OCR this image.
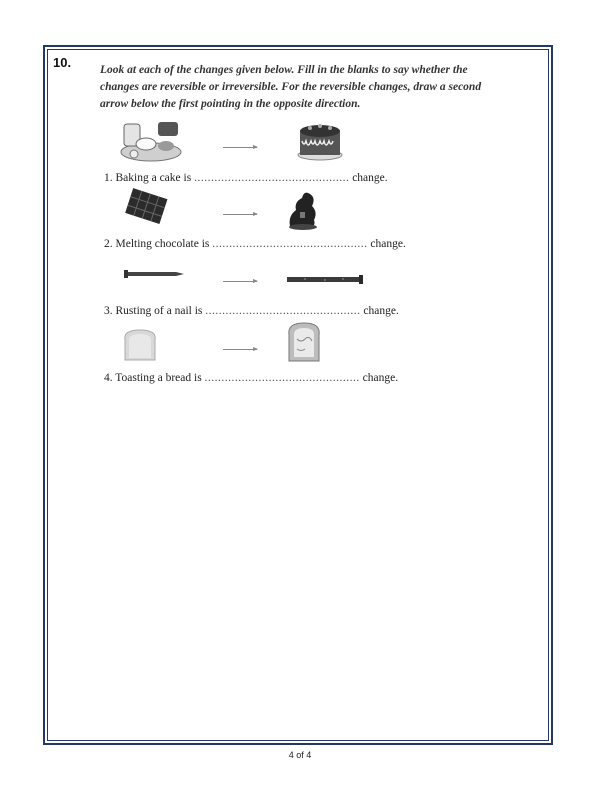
10.	Look at each of the changes given below. Fill in the blanks to say whether the
changes are reversible or irreversible. For the reversible changes, draw a second
arrow below the first pointing in the opposite direction.
1. Baking a cake is .............................................. change.
2. Melting chocolate is .............................................. change.
3. Rusting of a nail is .............................................. change.
4. Toasting a bread is .............................................. change.
4 of 4
